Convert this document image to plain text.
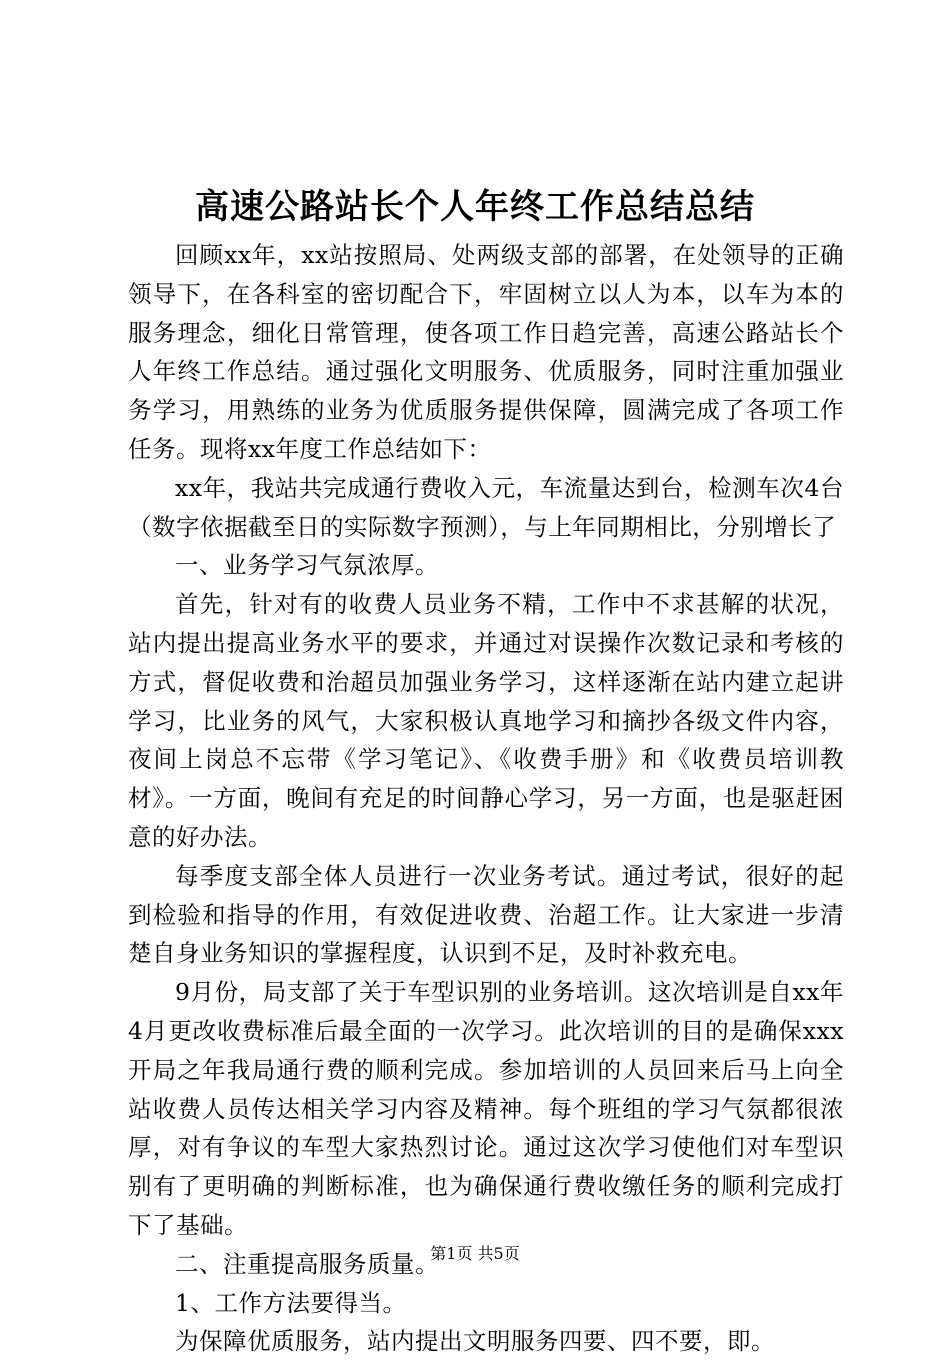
高速公路站长个人年终工作总结总结

回顾xx年，xx站按照局、处两级支部的部署，在处领导的正确领导下，在各科室的密切配合下，牢固树立以人为本，以车为本的服务理念，细化日常管理，使各项工作日趋完善，高速公路站长个人年终工作总结。通过强化文明服务、优质服务，同时注重加强业务学习，用熟练的业务为优质服务提供保障，圆满完成了各项工作任务。现将xx年度工作总结如下：

xx年，我站共完成通行费收入元，车流量达到台，检测车次4台（数字依据截至日的实际数字预测），与上年同期相比，分别增长了

一、业务学习气氛浓厚。

首先，针对有的收费人员业务不精，工作中不求甚解的状况，站内提出提高业务水平的要求，并通过对误操作次数记录和考核的方式，督促收费和治超员加强业务学习，这样逐渐在站内建立起讲学习，比业务的风气，大家积极认真地学习和摘抄各级文件内容，夜间上岗总不忘带《学习笔记》、《收费手册》和《收费员培训教材》。一方面，晚间有充足的时间静心学习，另一方面，也是驱赶困意的好办法。

每季度支部全体人员进行一次业务考试。通过考试，很好的起到检验和指导的作用，有效促进收费、治超工作。让大家进一步清楚自身业务知识的掌握程度，认识到不足，及时补救充电。

9月份，局支部了关于车型识别的业务培训。这次培训是自xx年4月更改收费标准后最全面的一次学习。此次培训的目的是确保xxx开局之年我局通行费的顺利完成。参加培训的人员回来后马上向全站收费人员传达相关学习内容及精神。每个班组的学习气氛都很浓厚，对有争议的车型大家热烈讨论。通过这次学习使他们对车型识别有了更明确的判断标准，也为确保通行费收缴任务的顺利完成打下了基础。

二、注重提高服务质量。

1、工作方法要得当。

为保障优质服务，站内提出文明服务四要、四不要，即。

第1页 共5页
